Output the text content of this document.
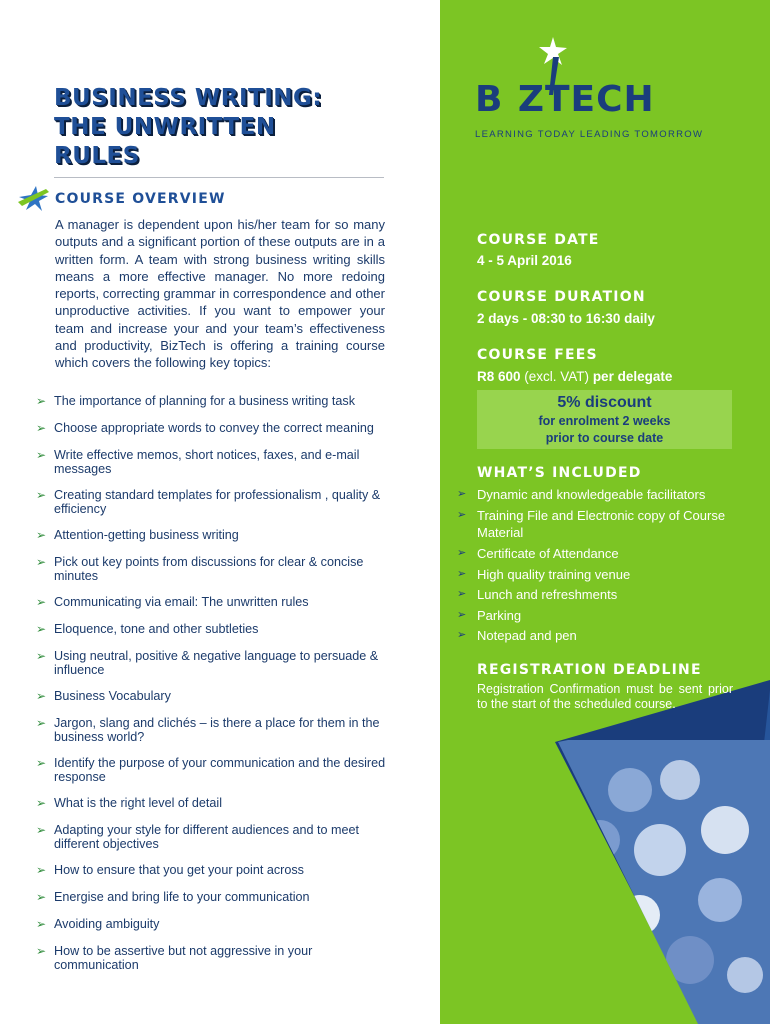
BUSINESS WRITING:
THE UNWRITTEN
RULES
COURSE OVERVIEW

A manager is dependent upon his/her team for so many outputs and a significant portion of these outputs are in a written form. A team with strong business writing skills means a more effective manager. No more redoing reports, correcting grammar in correspondence and other unproductive activities. If you want to empower your team and increase your and your team’s effectiveness and productivity, BizTech is offering a training course which covers the following key topics:

➢ The importance of planning for a business writing task
➢ Choose appropriate words to convey the correct meaning
➢ Write effective memos, short notices, faxes, and e-mail messages
➢ Creating standard templates for professionalism , quality & efficiency
➢ Attention-getting business writing
➢ Pick out key points from discussions for clear & concise minutes
➢ Communicating via email: The unwritten rules
➢ Eloquence, tone and other subtleties
➢ Using neutral, positive & negative language to persuade & influence
➢ Business Vocabulary
➢ Jargon, slang and clichés – is there a place for them in the business world?
➢ Identify the purpose of your communication and the desired response
➢ What is the right level of detail
➢ Adapting your style for different audiences and to meet different objectives
➢ How to ensure that you get your point across
➢ Energise and bring life to your communication
➢ Avoiding ambiguity
➢ How to be assertive but not aggressive in your communication
B ZTECH
LEARNING TODAY LEADING TOMORROW
COURSE DATE
4 - 5 April 2016
COURSE DURATION
2 days - 08:30 to 16:30 daily
COURSE FEES
R8 600 (excl. VAT) per delegate
5% discount
for enrolment 2 weeks
prior to course date
WHAT’S INCLUDED
➢ Dynamic and knowledgeable facilitators
➢ Training File and Electronic copy of Course Material
➢ Certificate of Attendance
➢ High quality training venue
➢ Lunch and refreshments
➢ Parking
➢ Notepad and pen
REGISTRATION DEADLINE

Registration Confirmation must be sent prior to the start of the scheduled course.
